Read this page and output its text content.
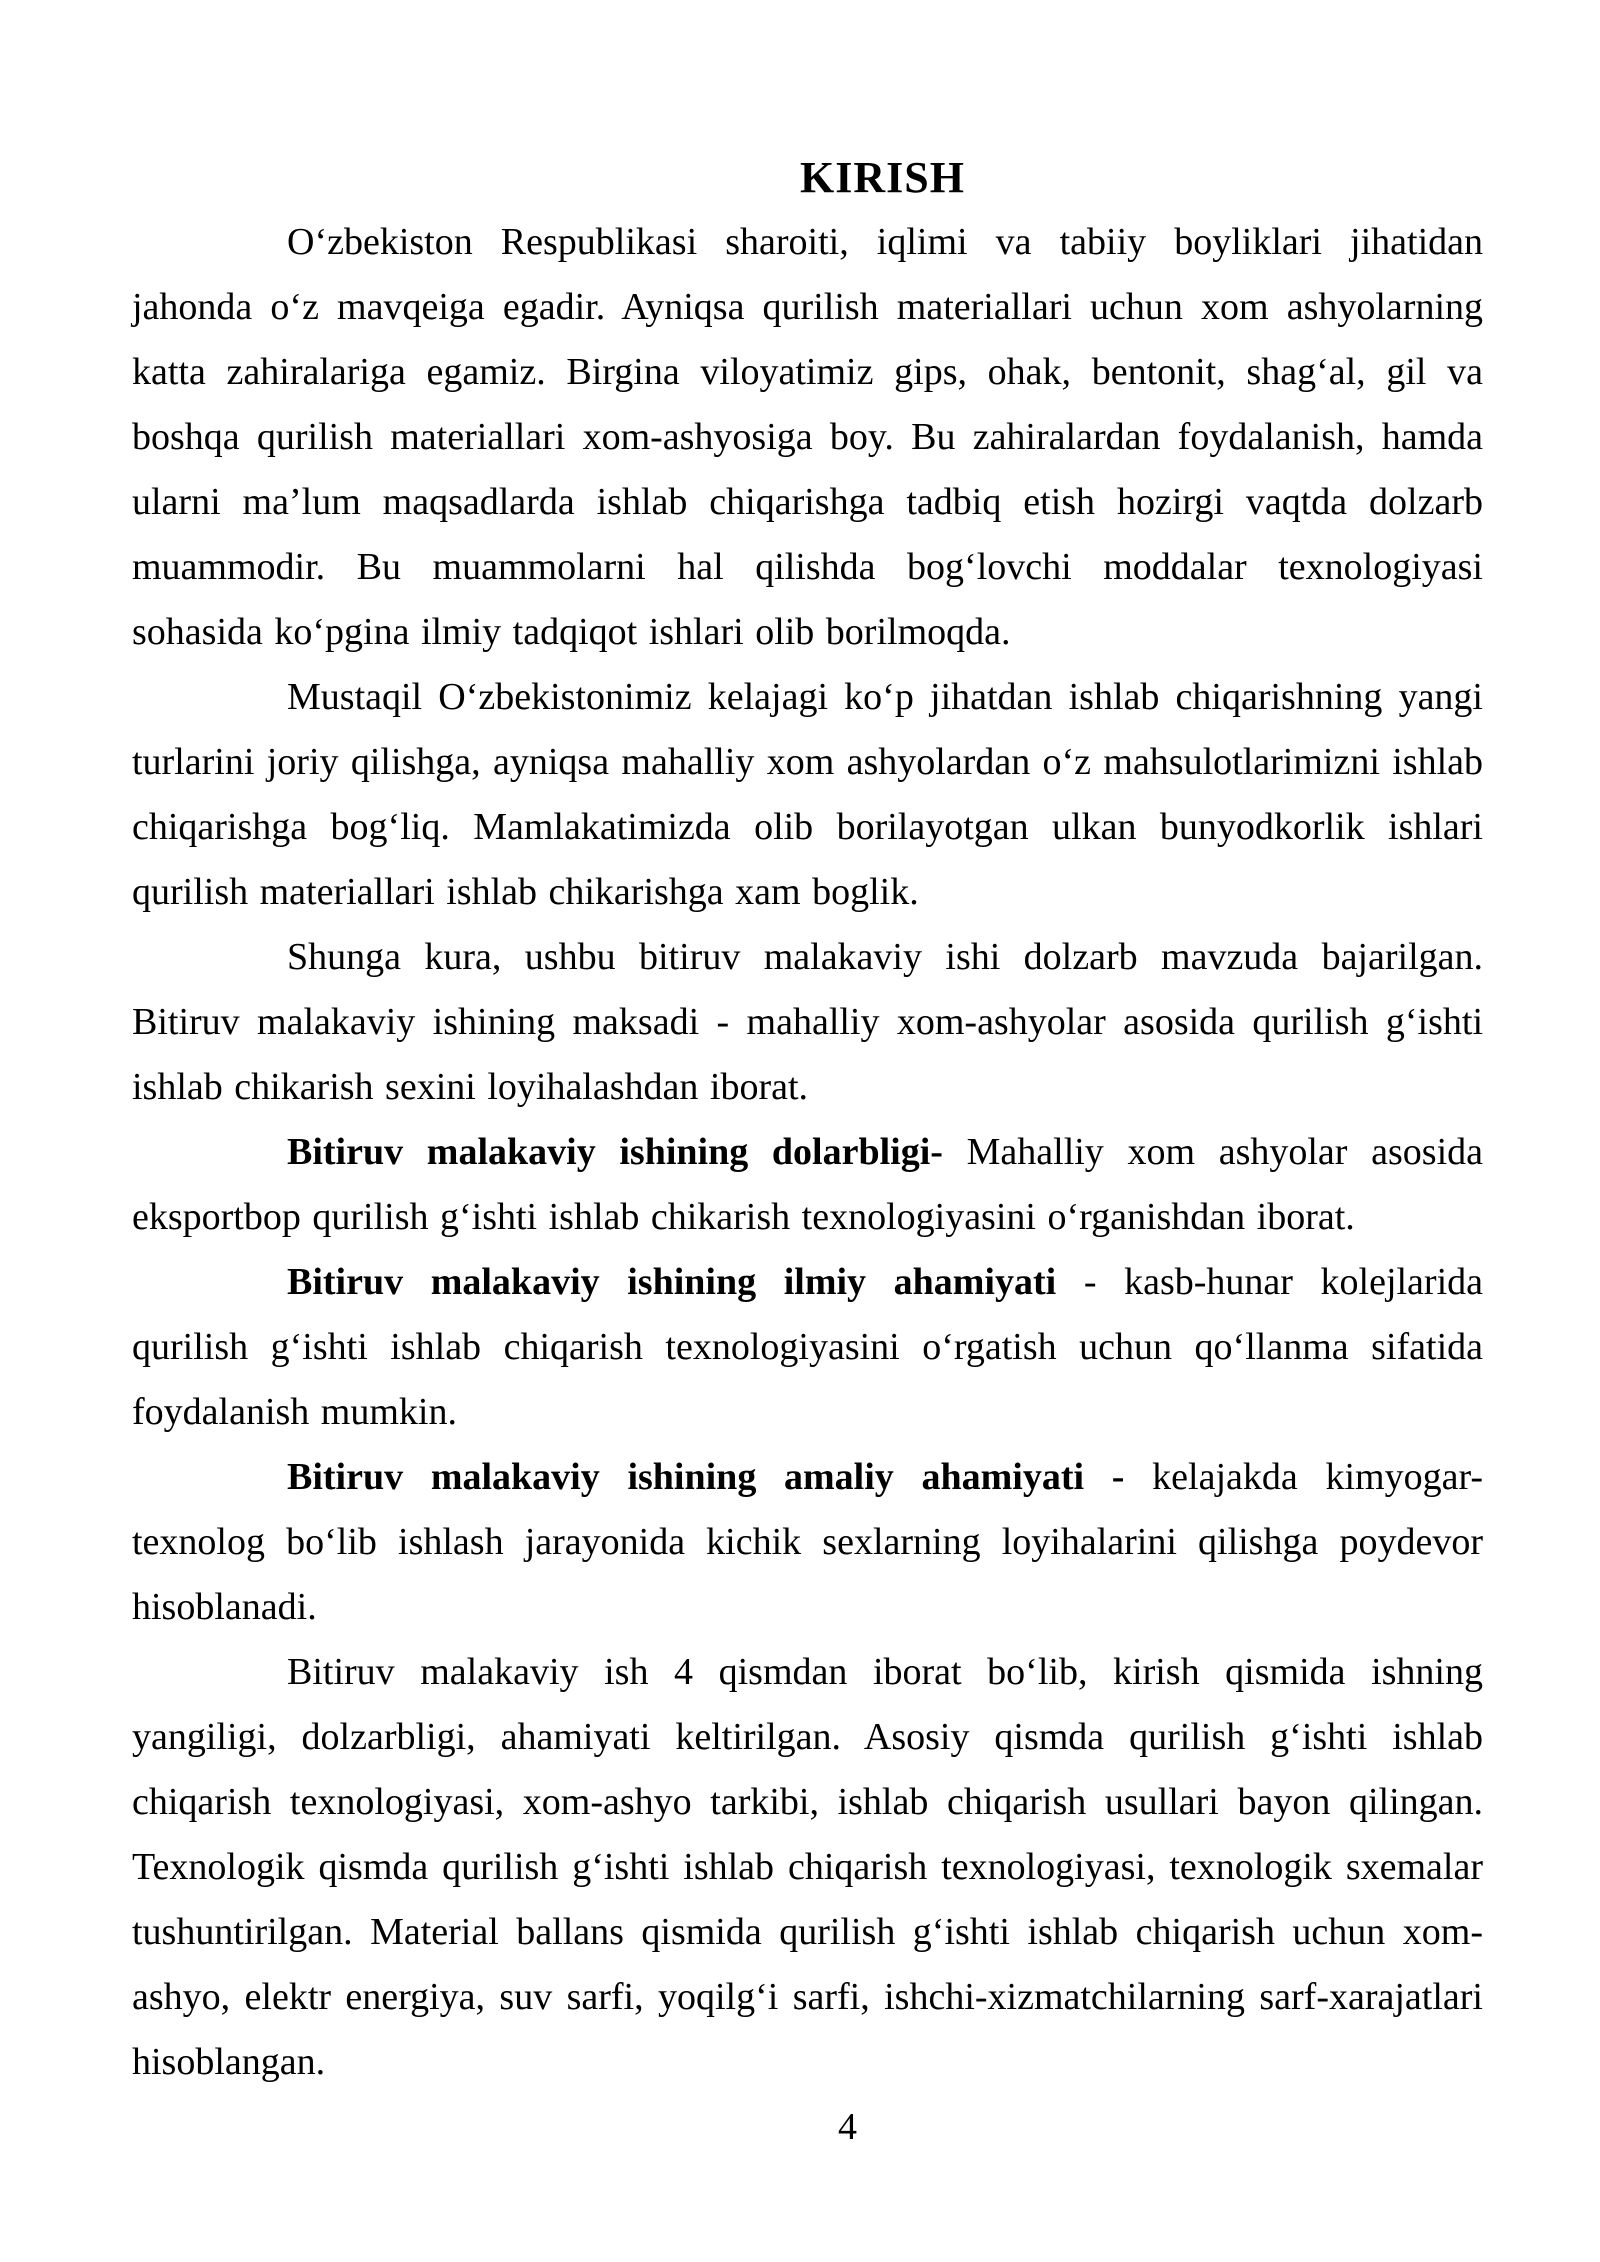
KIRISH

O‘zbekiston Respublikasi sharoiti, iqlimi va tabiiy boyliklari jihatidan jahonda o‘z mavqeiga egadir. Ayniqsa qurilish materiallari uchun xom ashyolarning katta zahiralariga egamiz. Birgina viloyatimiz gips, ohak, bentonit, shag‘al, gil va boshqa qurilish materiallari xom-ashyosiga boy. Bu zahiralardan foydalanish, hamda ularni ma’lum maqsadlarda ishlab chiqarishga tadbiq etish hozirgi vaqtda dolzarb muammodir. Bu muammolarni hal qilishda bog‘lovchi moddalar texnologiyasi sohasida ko‘pgina ilmiy tadqiqot ishlari olib borilmoqda.

Mustaqil O‘zbekistonimiz kelajagi ko‘p jihatdan ishlab chiqarishning yangi turlarini joriy qilishga, ayniqsa mahalliy xom ashyolardan o‘z mahsulotlarimizni ishlab chiqarishga bog‘liq. Mamlakatimizda olib borilayotgan ulkan bunyodkorlik ishlari qurilish materiallari ishlab chikarishga xam boglik.

Shunga kura, ushbu bitiruv malakaviy ishi dolzarb mavzuda bajarilgan. Bitiruv malakaviy ishining maksadi - mahalliy xom-ashyolar asosida qurilish g‘ishti ishlab chikarish sexini loyihalashdan iborat.

Bitiruv malakaviy ishining dolarbligi- Mahalliy xom ashyolar asosida eksportbop qurilish g‘ishti ishlab chikarish texnologiyasini o‘rganishdan iborat.

Bitiruv malakaviy ishining ilmiy ahamiyati - kasb-hunar kolejlarida qurilish g‘ishti ishlab chiqarish texnologiyasini o‘rgatish uchun qo‘llanma sifatida foydalanish mumkin.

Bitiruv malakaviy ishining amaliy ahamiyati - kelajakda kimyogar-texnolog bo‘lib ishlash jarayonida kichik sexlarning loyihalarini qilishga poydevor hisoblanadi.

Bitiruv malakaviy ish 4 qismdan iborat bo‘lib, kirish qismida ishning yangiligi, dolzarbligi, ahamiyati keltirilgan. Asosiy qismda qurilish g‘ishti ishlab chiqarish texnologiyasi, xom-ashyo tarkibi, ishlab chiqarish usullari bayon qilingan. Texnologik qismda qurilish g‘ishti ishlab chiqarish texnologiyasi, texnologik sxemalar tushuntirilgan. Material ballans qismida qurilish g‘ishti ishlab chiqarish uchun xom-ashyo, elektr energiya, suv sarfi, yoqilg‘i sarfi, ishchi-xizmatchilarning sarf-xarajatlari hisoblangan.

4
